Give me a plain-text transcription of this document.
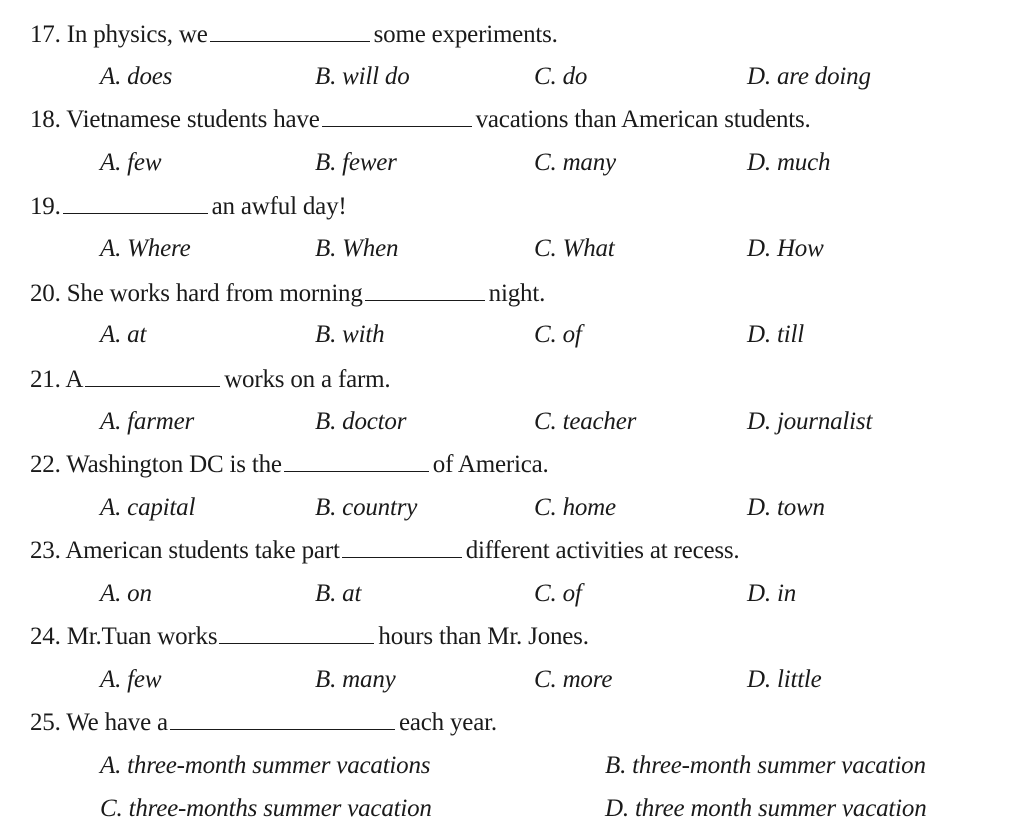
17. In physics, we	some experiments.
A. does	B. will do	C. do	D. are doing
18. Vietnamese students have	vacations than American students.
A. few	B. fewer	C. many	D. much
19.	an awful day!
A. Where	B. When	C. What	D. How
20. She works hard from morning	night.
A. at	B. with	C. of	D. till
21. A	works on a farm.
A. farmer	B. doctor	C. teacher	D. journalist
22. Washington DC is the	of America.
A. capital	B. country	C. home	D. town
23. American students take part	different activities at recess.
A. on	B. at	C. of	D. in
24. Mr.Tuan works	hours than Mr. Jones.
A. few	B. many	C. more	D. little
25. We have a	each year.
A. three-month summer vacations	B. three-month summer vacation
C. three-months summer vacation	D. three month summer vacation
